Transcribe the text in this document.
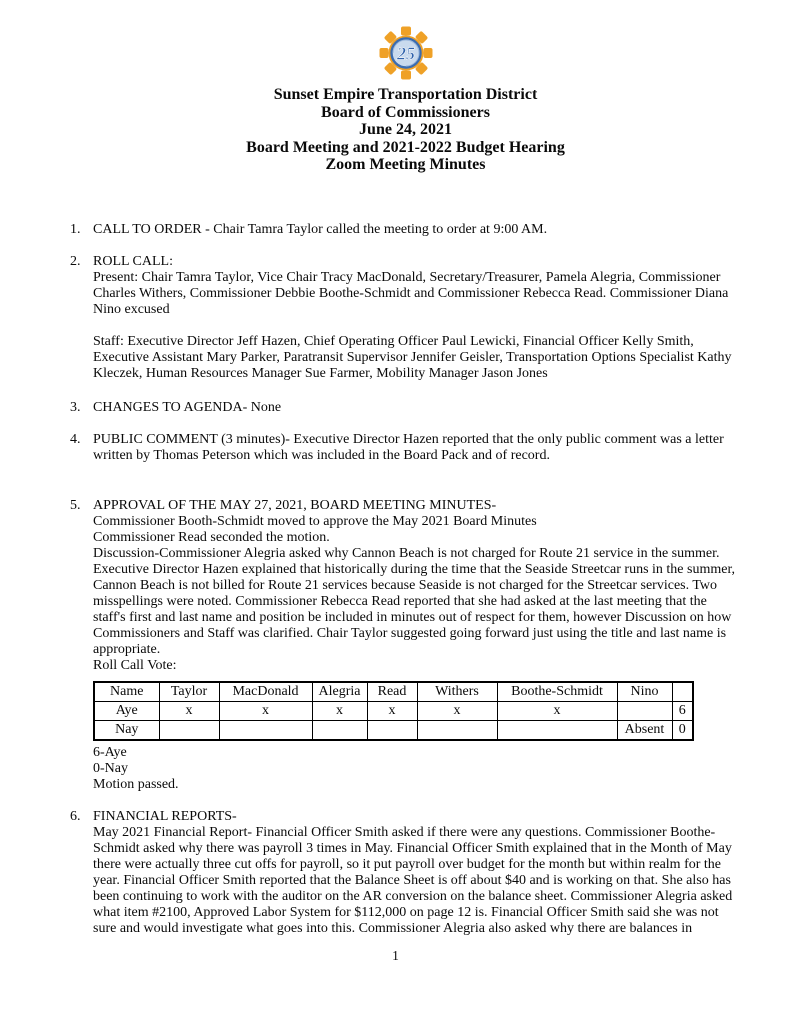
25
Sunset Empire Transportation District
Board of Commissioners
June 24, 2021
Board Meeting and 2021-2022 Budget Hearing
Zoom Meeting Minutes
1. CALL TO ORDER - Chair Tamra Taylor called the meeting to order at 9:00 AM.
2. ROLL CALL:
Present: Chair Tamra Taylor, Vice Chair Tracy MacDonald, Secretary/Treasurer, Pamela Alegria, Commissioner Charles Withers, Commissioner Debbie Boothe-Schmidt and Commissioner Rebecca Read. Commissioner Diana Nino excused
Staff: Executive Director Jeff Hazen, Chief Operating Officer Paul Lewicki, Financial Officer Kelly Smith, Executive Assistant Mary Parker, Paratransit Supervisor Jennifer Geisler, Transportation Options Specialist Kathy Kleczek, Human Resources Manager Sue Farmer, Mobility Manager Jason Jones
3. CHANGES TO AGENDA- None
4. PUBLIC COMMENT (3 minutes)- Executive Director Hazen reported that the only public comment was a letter written by Thomas Peterson which was included in the Board Pack and of record.
5. APPROVAL OF THE MAY 27, 2021, BOARD MEETING MINUTES-
Commissioner Booth-Schmidt moved to approve the May 2021 Board Minutes
Commissioner Read seconded the motion.
Discussion-Commissioner Alegria asked why Cannon Beach is not charged for Route 21 service in the summer. Executive Director Hazen explained that historically during the time that the Seaside Streetcar runs in the summer, Cannon Beach is not billed for Route 21 services because Seaside is not charged for the Streetcar services. Two misspellings were noted. Commissioner Rebecca Read reported that she had asked at the last meeting that the staff's first and last name and position be included in minutes out of respect for them, however Discussion on how Commissioners and Staff was clarified. Chair Taylor suggested going forward just using the title and last name is appropriate.
Roll Call Vote:
Name	Taylor	MacDonald	Alegria	Read	Withers	Boothe-Schmidt	Nino	
Aye	x	x	x	x	x	x		6
Nay							Absent	0
6-Aye
0-Nay
Motion passed.
6. FINANCIAL REPORTS-
May 2021 Financial Report- Financial Officer Smith asked if there were any questions. Commissioner Boothe-Schmidt asked why there was payroll 3 times in May. Financial Officer Smith explained that in the Month of May there were actually three cut offs for payroll, so it put payroll over budget for the month but within realm for the year. Financial Officer Smith reported that the Balance Sheet is off about $40 and is working on that. She also has been continuing to work with the auditor on the AR conversion on the balance sheet. Commissioner Alegria asked what item #2100, Approved Labor System for $112,000 on page 12 is. Financial Officer Smith said she was not sure and would investigate what goes into this. Commissioner Alegria also asked why there are balances in
1
